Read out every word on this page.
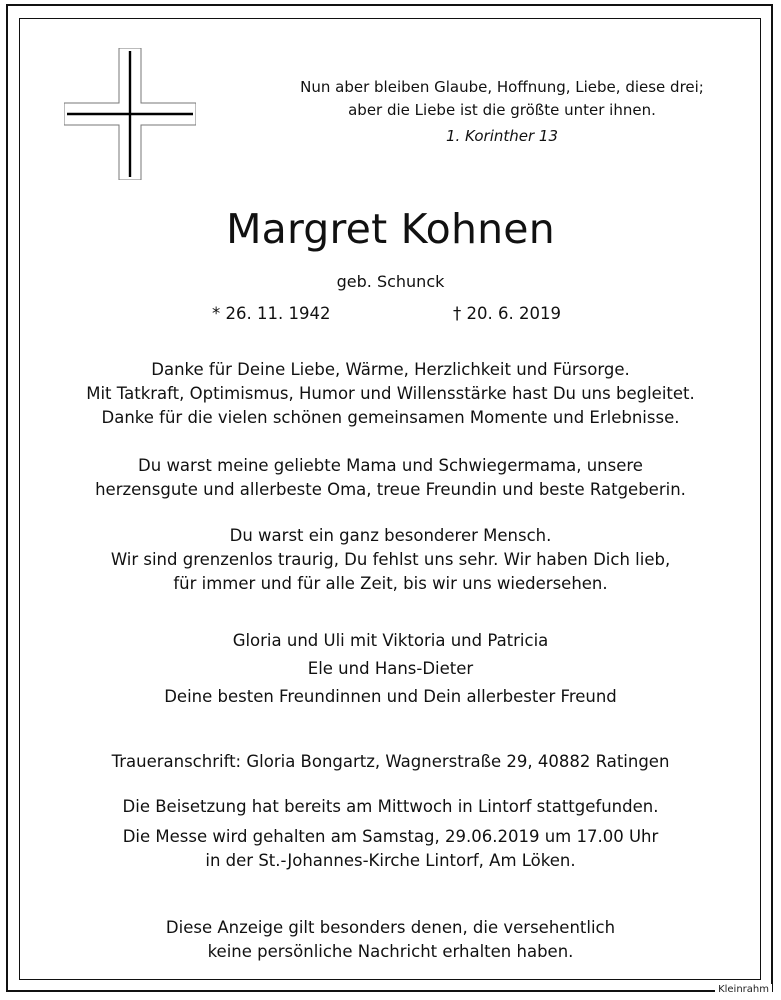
Nun aber bleiben Glaube, Hoffnung, Liebe, diese drei;
aber die Liebe ist die größte unter ihnen.
1. Korinther 13
Margret Kohnen
geb. Schunck
* 26. 11. 1942	† 20. 6. 2019
Danke für Deine Liebe, Wärme, Herzlichkeit und Fürsorge.
Mit Tatkraft, Optimismus, Humor und Willensstärke hast Du uns begleitet.
Danke für die vielen schönen gemeinsamen Momente und Erlebnisse.
Du warst meine geliebte Mama und Schwiegermama, unsere
herzensgute und allerbeste Oma, treue Freundin und beste Ratgeberin.
Du warst ein ganz besonderer Mensch.
Wir sind grenzenlos traurig, Du fehlst uns sehr. Wir haben Dich lieb,
für immer und für alle Zeit, bis wir uns wiedersehen.
Gloria und Uli mit Viktoria und Patricia
Ele und Hans-Dieter
Deine besten Freundinnen und Dein allerbester Freund
Traueranschrift: Gloria Bongartz, Wagnerstraße 29, 40882 Ratingen
Die Beisetzung hat bereits am Mittwoch in Lintorf stattgefunden.
Die Messe wird gehalten am Samstag, 29.06.2019 um 17.00 Uhr
in der St.-Johannes-Kirche Lintorf, Am Löken.
Diese Anzeige gilt besonders denen, die versehentlich
keine persönliche Nachricht erhalten haben.
Kleinrahm
